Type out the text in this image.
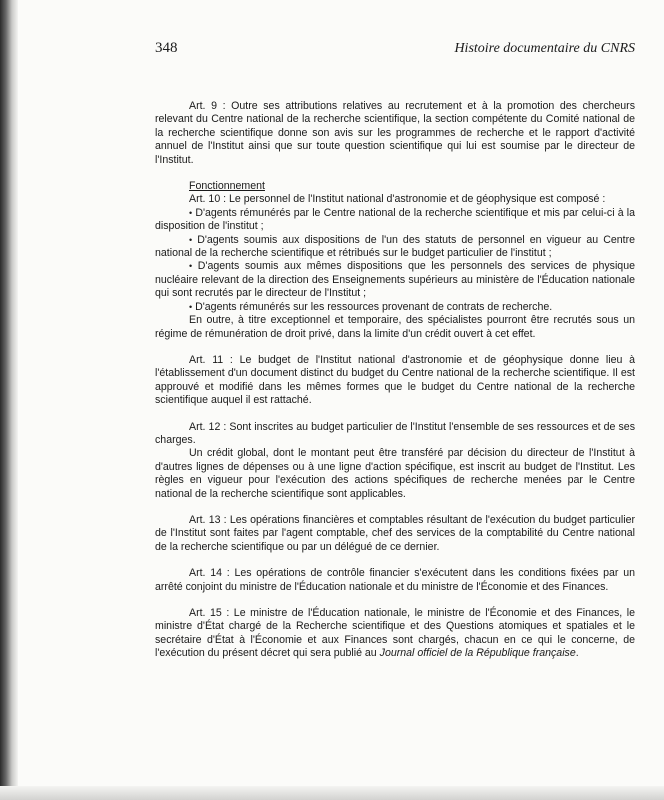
348	Histoire documentaire du CNRS

Art. 9 : Outre ses attributions relatives au recrutement et à la promotion des chercheurs relevant du Centre national de la recherche scientifique, la section compétente du Comité national de la recherche scientifique donne son avis sur les programmes de recherche et le rapport d'activité annuel de l'Institut ainsi que sur toute question scientifique qui lui est soumise par le directeur de l'Institut.

Fonctionnement

Art. 10 : Le personnel de l'Institut national d'astronomie et de géophysique est composé :

• D'agents rémunérés par le Centre national de la recherche scientifique et mis par celui-ci à la disposition de l'institut ;

• D'agents soumis aux dispositions de l'un des statuts de personnel en vigueur au Centre national de la recherche scientifique et rétribués sur le budget particulier de l'institut ;

• D'agents soumis aux mêmes dispositions que les personnels des services de physique nucléaire relevant de la direction des Enseignements supérieurs au ministère de l'Éducation nationale qui sont recrutés par le directeur de l'Institut ;

• D'agents rémunérés sur les ressources provenant de contrats de recherche.

En outre, à titre exceptionnel et temporaire, des spécialistes pourront être recrutés sous un régime de rémunération de droit privé, dans la limite d'un crédit ouvert à cet effet.

Art. 11 : Le budget de l'Institut national d'astronomie et de géophysique donne lieu à l'établissement d'un document distinct du budget du Centre national de la recherche scientifique. Il est approuvé et modifié dans les mêmes formes que le budget du Centre national de la recherche scientifique auquel il est rattaché.

Art. 12 : Sont inscrites au budget particulier de l'Institut l'ensemble de ses ressources et de ses charges.

Un crédit global, dont le montant peut être transféré par décision du directeur de l'Institut à d'autres lignes de dépenses ou à une ligne d'action spécifique, est inscrit au budget de l'Institut. Les règles en vigueur pour l'exécution des actions spécifiques de recherche menées par le Centre national de la recherche scientifique sont applicables.

Art. 13 : Les opérations financières et comptables résultant de l'exécution du budget particulier de l'Institut sont faites par l'agent comptable, chef des services de la comptabilité du Centre national de la recherche scientifique ou par un délégué de ce dernier.

Art. 14 : Les opérations de contrôle financier s'exécutent dans les conditions fixées par un arrêté conjoint du ministre de l'Éducation nationale et du ministre de l'Économie et des Finances.

Art. 15 : Le ministre de l'Éducation nationale, le ministre de l'Économie et des Finances, le ministre d'État chargé de la Recherche scientifique et des Questions atomiques et spatiales et le secrétaire d'État à l'Économie et aux Finances sont chargés, chacun en ce qui le concerne, de l'exécution du présent décret qui sera publié au Journal officiel de la République française.
